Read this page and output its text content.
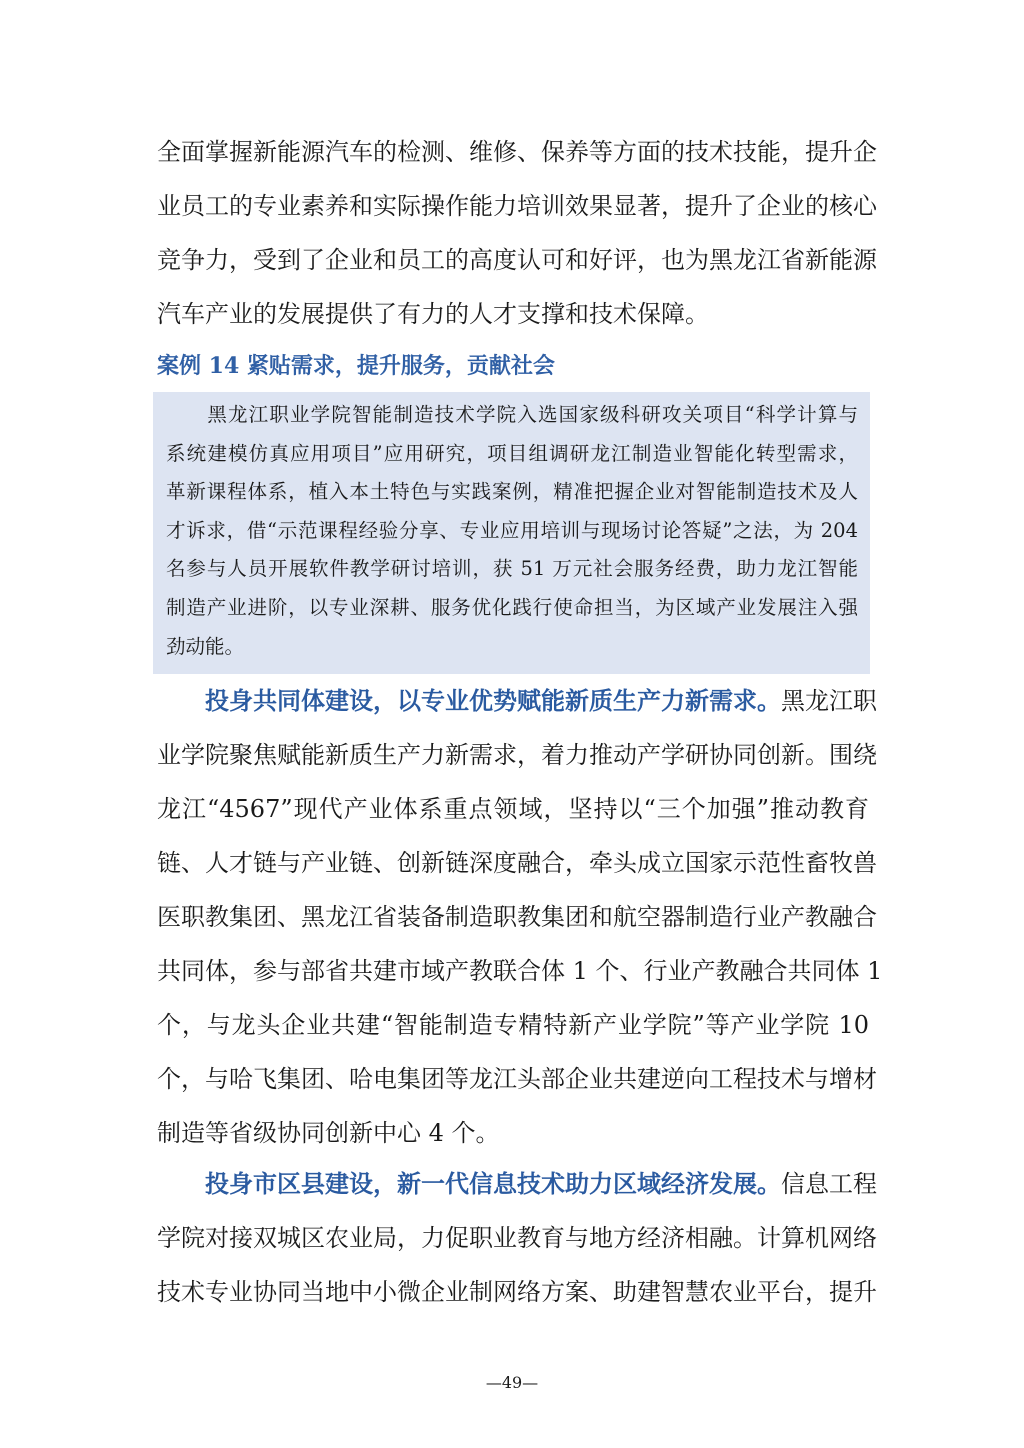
全面掌握新能源汽车的检测、维修、保养等方面的技术技能，提升企
业员工的专业素养和实际操作能力培训效果显著，提升了企业的核心
竞争力，受到了企业和员工的高度认可和好评，也为黑龙江省新能源
汽车产业的发展提供了有力的人才支撑和技术保障。
案例 14 紧贴需求，提升服务，贡献社会
　　黑龙江职业学院智能制造技术学院入选国家级科研攻关项目“科学计算与
系统建模仿真应用项目”应用研究，项目组调研龙江制造业智能化转型需求，
革新课程体系，植入本土特色与实践案例，精准把握企业对智能制造技术及人
才诉求，借“示范课程经验分享、专业应用培训与现场讨论答疑”之法，为 204
名参与人员开展软件教学研讨培训，获 51 万元社会服务经费，助力龙江智能
制造产业进阶，以专业深耕、服务优化践行使命担当，为区域产业发展注入强
劲动能。
投身共同体建设，以专业优势赋能新质生产力新需求。黑龙江职
业学院聚焦赋能新质生产力新需求，着力推动产学研协同创新。围绕
龙江“4567”现代产业体系重点领域，坚持以“三个加强”推动教育
链、人才链与产业链、创新链深度融合，牵头成立国家示范性畜牧兽
医职教集团、黑龙江省装备制造职教集团和航空器制造行业产教融合
共同体，参与部省共建市域产教联合体 1 个、行业产教融合共同体 1
个，与龙头企业共建“智能制造专精特新产业学院”等产业学院 10
个，与哈飞集团、哈电集团等龙江头部企业共建逆向工程技术与增材
制造等省级协同创新中心 4 个。
投身市区县建设，新一代信息技术助力区域经济发展。信息工程
学院对接双城区农业局，力促职业教育与地方经济相融。计算机网络
技术专业协同当地中小微企业制网络方案、助建智慧农业平台，提升
—49—
